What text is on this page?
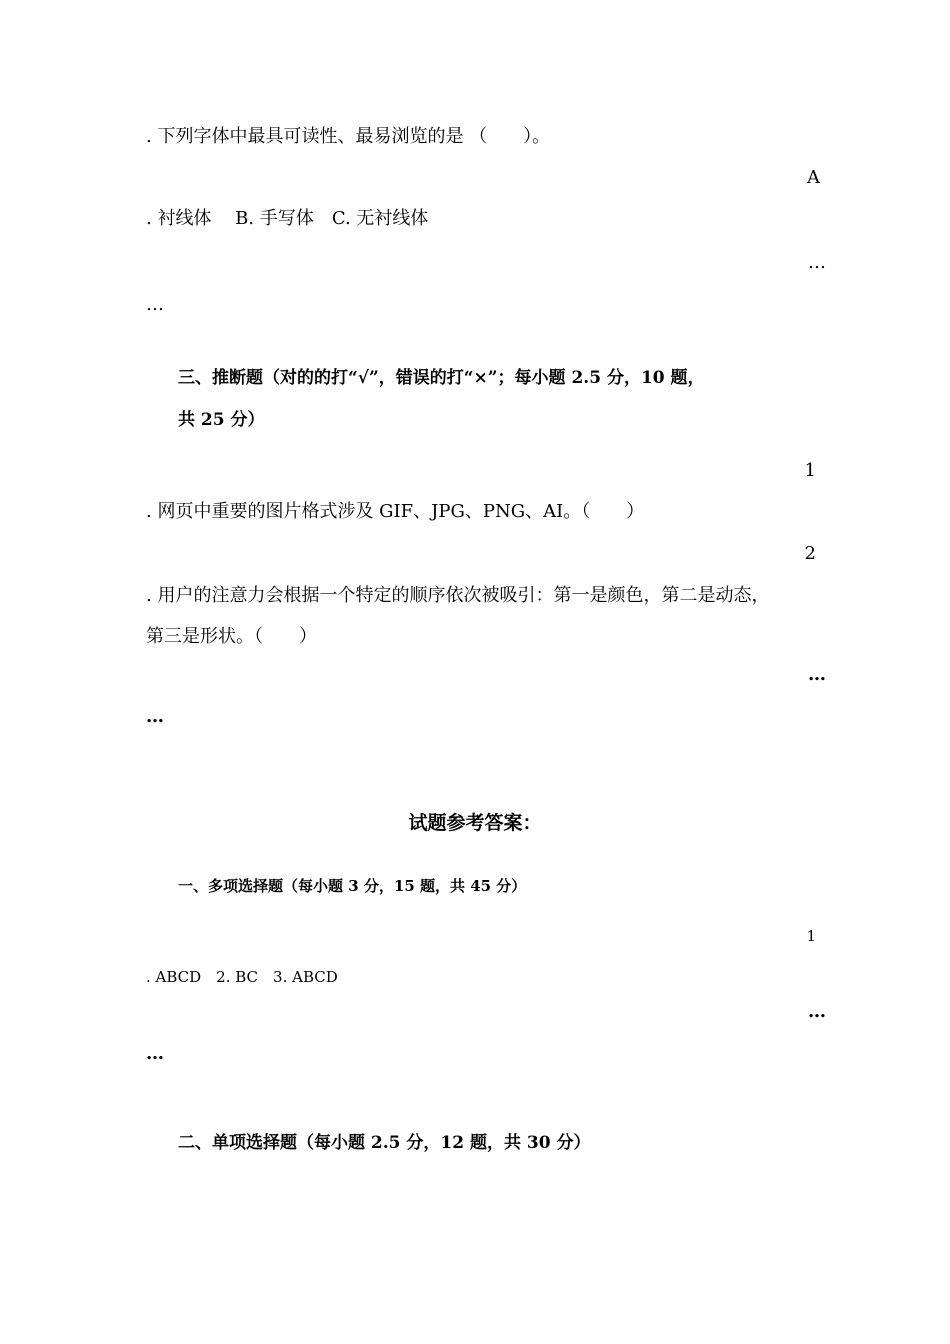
. 下列字体中最具可读性、最易浏览的是 （　　）。
A
. 衬线体　 B. 手写体　C. 无衬线体
…
…
三、推断题（对的的打“√”，错误的打“×”；每小题 2.5 分，10 题，
共 25 分）
1
. 网页中重要的图片格式涉及 GIF、JPG、PNG、AI。（　　）
2
. 用户的注意力会根据一个特定的顺序依次被吸引：第一是颜色，第二是动态，
第三是形状。（　　）
…
…
试题参考答案：
一、多项选择题（每小题 3 分，15 题，共 45 分）
1
. ABCD　2. BC　3. ABCD
…
…
二、单项选择题（每小题 2.5 分，12 题，共 30 分）
